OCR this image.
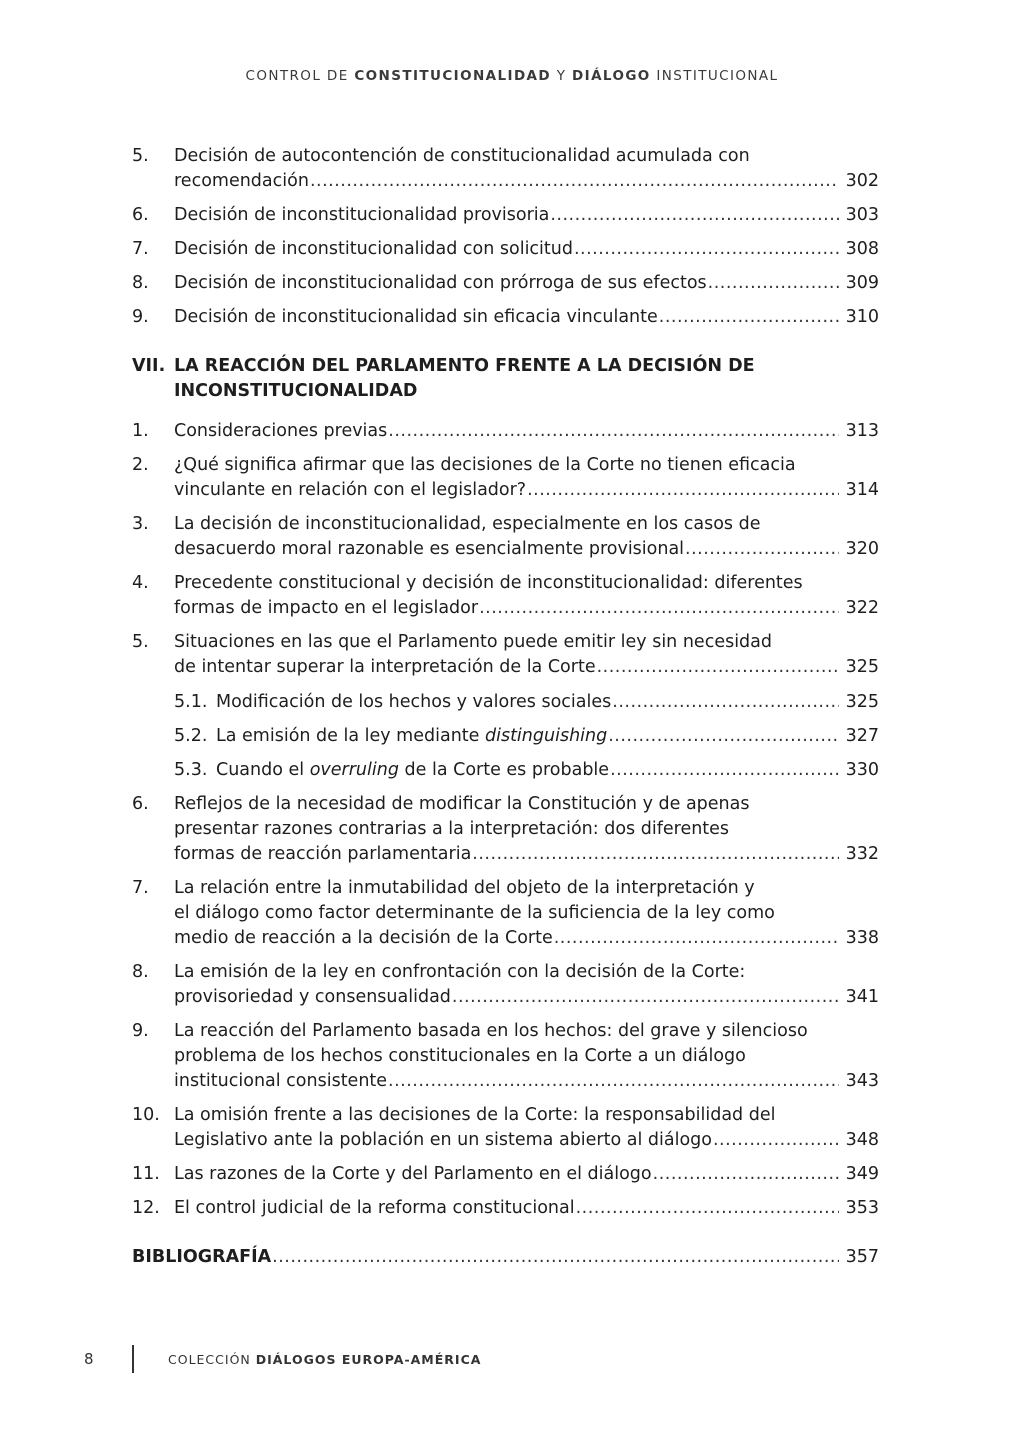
CONTROL DE CONSTITUCIONALIDAD Y DIÁLOGO INSTITUCIONAL
5. Decisión de autocontención de constitucionalidad acumulada con
recomendación .....	302
6. Decisión de inconstitucionalidad provisoria .....	303
7. Decisión de inconstitucionalidad con solicitud .....	308
8. Decisión de inconstitucionalidad con prórroga de sus efectos .....	309
9. Decisión de inconstitucionalidad sin eficacia vinculante .....	310
VII. LA REACCIÓN DEL PARLAMENTO FRENTE A LA DECISIÓN DE
INCONSTITUCIONALIDAD
1. Consideraciones previas .....	313
2. ¿Qué significa afirmar que las decisiones de la Corte no tienen eficacia
vinculante en relación con el legislador? .....	314
3. La decisión de inconstitucionalidad, especialmente en los casos de
desacuerdo moral razonable es esencialmente provisional .....	320
4. Precedente constitucional y decisión de inconstitucionalidad: diferentes
formas de impacto en el legislador .....	322
5. Situaciones en las que el Parlamento puede emitir ley sin necesidad
de intentar superar la interpretación de la Corte .....	325
5.1. Modificación de los hechos y valores sociales .....	325
5.2. La emisión de la ley mediante distinguishing .....	327
5.3. Cuando el overruling de la Corte es probable .....	330
6. Reflejos de la necesidad de modificar la Constitución y de apenas
presentar razones contrarias a la interpretación: dos diferentes
formas de reacción parlamentaria .....	332
7. La relación entre la inmutabilidad del objeto de la interpretación y
el diálogo como factor determinante de la suficiencia de la ley como
medio de reacción a la decisión de la Corte .....	338
8. La emisión de la ley en confrontación con la decisión de la Corte:
provisoriedad y consensualidad .....	341
9. La reacción del Parlamento basada en los hechos: del grave y silencioso
problema de los hechos constitucionales en la Corte a un diálogo
institucional consistente .....	343
10. La omisión frente a las decisiones de la Corte: la responsabilidad del
Legislativo ante la población en un sistema abierto al diálogo .....	348
11. Las razones de la Corte y del Parlamento en el diálogo .....	349
12. El control judicial de la reforma constitucional .....	353
BIBLIOGRAFÍA .....	357
8	COLECCIÓN DIÁLOGOS EUROPA-AMÉRICA
